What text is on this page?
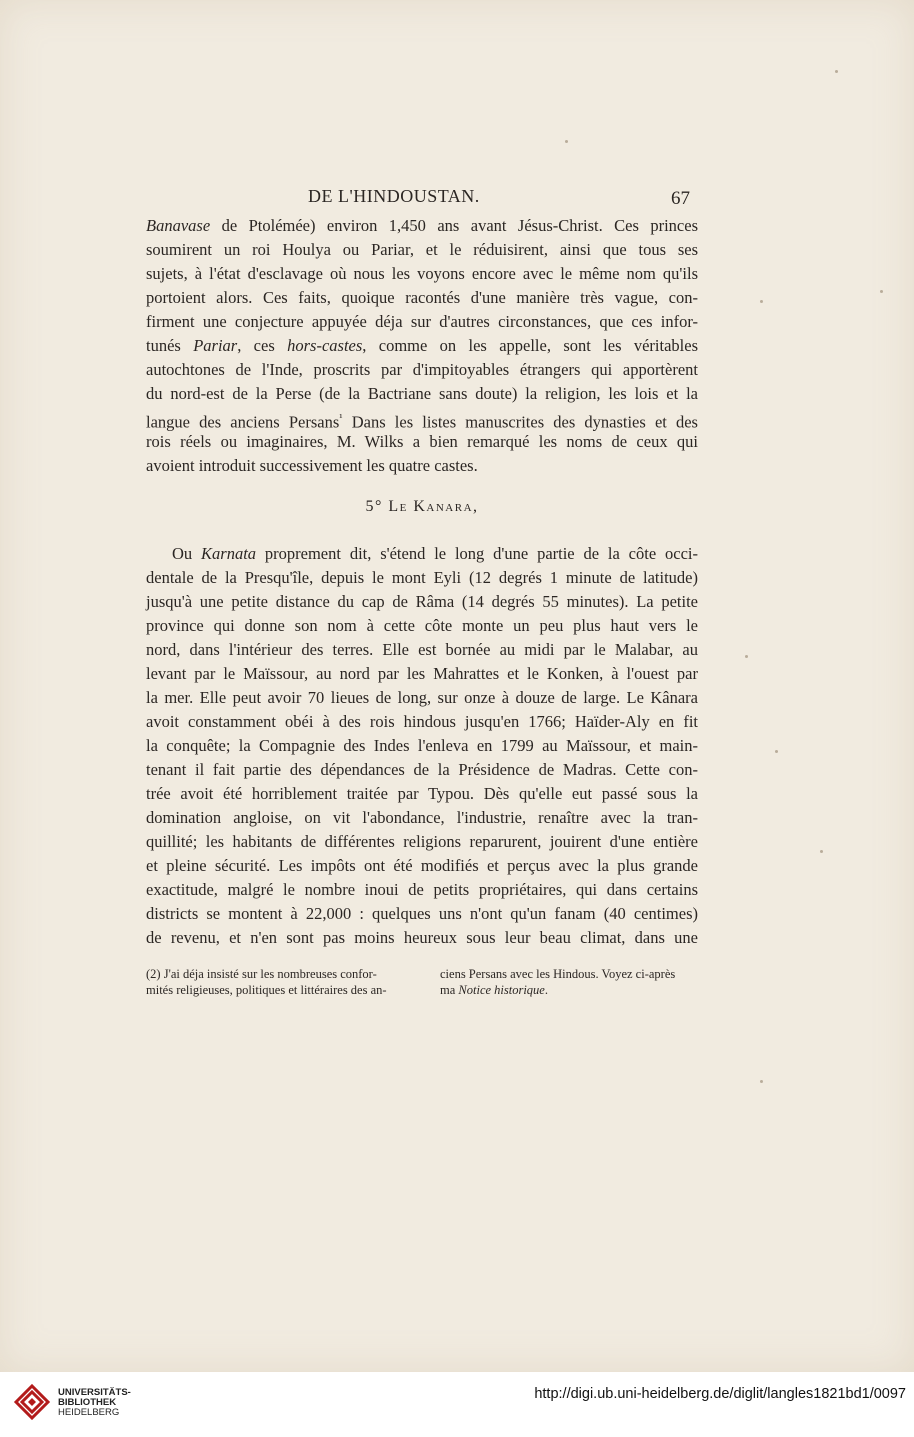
DE L'HINDOUSTAN.	67
Banavase de Ptolémée) environ 1,450 ans avant Jésus-Christ. Ces princes
soumirent un roi Houlya ou Pariar, et le réduisirent, ainsi que tous ses
sujets, à l'état d'esclavage où nous les voyons encore avec le même nom qu'ils
portoient alors. Ces faits, quoique racontés d'une manière très vague, con-
firment une conjecture appuyée déja sur d'autres circonstances, que ces infor-
tunés Pariar, ces hors-castes, comme on les appelle, sont les véritables
autochtones de l'Inde, proscrits par d'impitoyables étrangers qui apportèrent
du nord-est de la Perse (de la Bactriane sans doute) la religion, les lois et la
langue des anciens Persans$^{^1}$ Dans les listes manuscrites des dynasties et des
rois réels ou imaginaires, M. Wilks a bien remarqué les noms de ceux qui
avoient introduit successivement les quatre castes.
5° Le Kanara,
Ou Karnata proprement dit, s'étend le long d'une partie de la côte occi-
dentale de la Presqu'île, depuis le mont Eyli (12 degrés 1 minute de latitude)
jusqu'à une petite distance du cap de Râma (14 degrés 55 minutes). La petite
province qui donne son nom à cette côte monte un peu plus haut vers le
nord, dans l'intérieur des terres. Elle est bornée au midi par le Malabar, au
levant par le Maïssour, au nord par les Mahrattes et le Konken, à l'ouest par
la mer. Elle peut avoir 70 lieues de long, sur onze à douze de large. Le Kânara
avoit constamment obéi à des rois hindous jusqu'en 1766; Haïder-Aly en fit
la conquête; la Compagnie des Indes l'enleva en 1799 au Maïssour, et main-
tenant il fait partie des dépendances de la Présidence de Madras. Cette con-
trée avoit été horriblement traitée par Typou. Dès qu'elle eut passé sous la
domination angloise, on vit l'abondance, l'industrie, renaître avec la tran-
quillité; les habitants de différentes religions reparurent, jouirent d'une entière
et pleine sécurité. Les impôts ont été modifiés et perçus avec la plus grande
exactitude, malgré le nombre inoui de petits propriétaires, qui dans certains
districts se montent à 22,000 : quelques uns n'ont qu'un fanam (40 centimes)
de revenu, et n'en sont pas moins heureux sous leur beau climat, dans une
(2) J'ai déja insisté sur les nombreuses confor-
mités religieuses, politiques et littéraires des an-
ciens Persans avec les Hindous. Voyez ci-après
ma Notice historique.
UNIVERSITÄTS-
BIBLIOTHEK
HEIDELBERG
http://digi.ub.uni-heidelberg.de/diglit/langles1821bd1/0097
